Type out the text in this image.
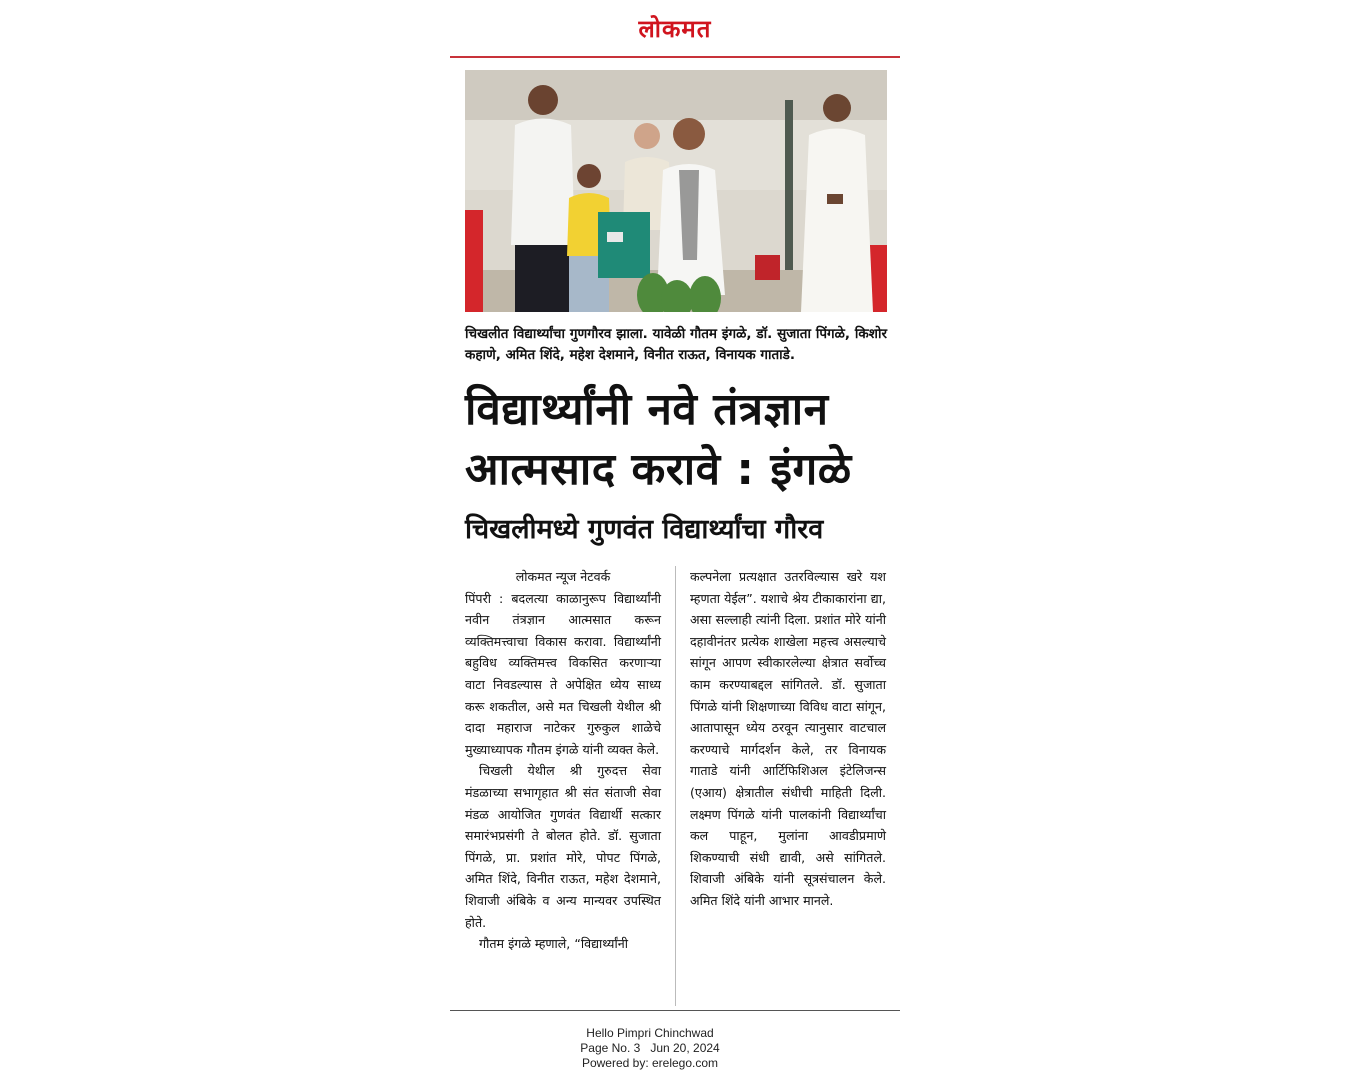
लोकमत
चिखलीत विद्यार्थ्यांचा गुणगौरव झाला. यावेळी गौतम इंगळे, डॉ. सुजाता पिंगळे, किशोर कहाणे, अमित शिंदे, महेश देशमाने, विनीत राऊत, विनायक गाताडे.
विद्यार्थ्यांनी नवे तंत्रज्ञान
आत्मसाद करावे : इंगळे
चिखलीमध्ये गुणवंत विद्यार्थ्यांचा गौरव

लोकमत न्यूज नेटवर्क

पिंपरी : बदलत्या काळानुरूप विद्यार्थ्यांनी नवीन तंत्रज्ञान आत्मसात करून व्यक्तिमत्त्वाचा विकास करावा. विद्यार्थ्यांनी बहुविध व्यक्तिमत्त्व विकसित करणाऱ्या वाटा निवडल्यास ते अपेक्षित ध्येय साध्य करू शकतील, असे मत चिखली येथील श्री दादा महाराज नाटेकर गुरुकुल शाळेचे मुख्याध्यापक गौतम इंगळे यांनी व्यक्त केले.

चिखली येथील श्री गुरुदत्त सेवा मंडळाच्या सभागृहात श्री संत संताजी सेवा मंडळ आयोजित गुणवंत विद्यार्थी सत्कार समारंभप्रसंगी ते बोलत होते. डॉ. सुजाता पिंगळे, प्रा. प्रशांत मोरे, पोपट पिंगळे, अमित शिंदे, विनीत राऊत, महेश देशमाने, शिवाजी अंबिके व अन्य मान्यवर उपस्थित होते.

गौतम इंगळे म्हणाले, “विद्यार्थ्यांनी

कल्पनेला प्रत्यक्षात उतरविल्यास खरे यश म्हणता येईल”. यशाचे श्रेय टीकाकारांना द्या, असा सल्लाही त्यांनी दिला. प्रशांत मोरे यांनी दहावीनंतर प्रत्येक शाखेला महत्त्व असल्याचे सांगून आपण स्वीकारलेल्या क्षेत्रात सर्वोच्च काम करण्याबद्दल सांगितले. डॉ. सुजाता पिंगळे यांनी शिक्षणाच्या विविध वाटा सांगून, आतापासून ध्येय ठरवून त्यानुसार वाटचाल करण्याचे मार्गदर्शन केले, तर विनायक गाताडे यांनी आर्टिफिशिअल इंटेलिजन्स (एआय) क्षेत्रातील संधीची माहिती दिली. लक्ष्मण पिंगळे यांनी पालकांनी विद्यार्थ्यांचा कल पाहून, मुलांना आवडीप्रमाणे शिकण्याची संधी द्यावी, असे सांगितले. शिवाजी अंबिके यांनी सूत्रसंचालन केले. अमित शिंदे यांनी आभार मानले.

Hello Pimpri Chinchwad
Page No. 3   Jun 20, 2024
Powered by: erelego.com
